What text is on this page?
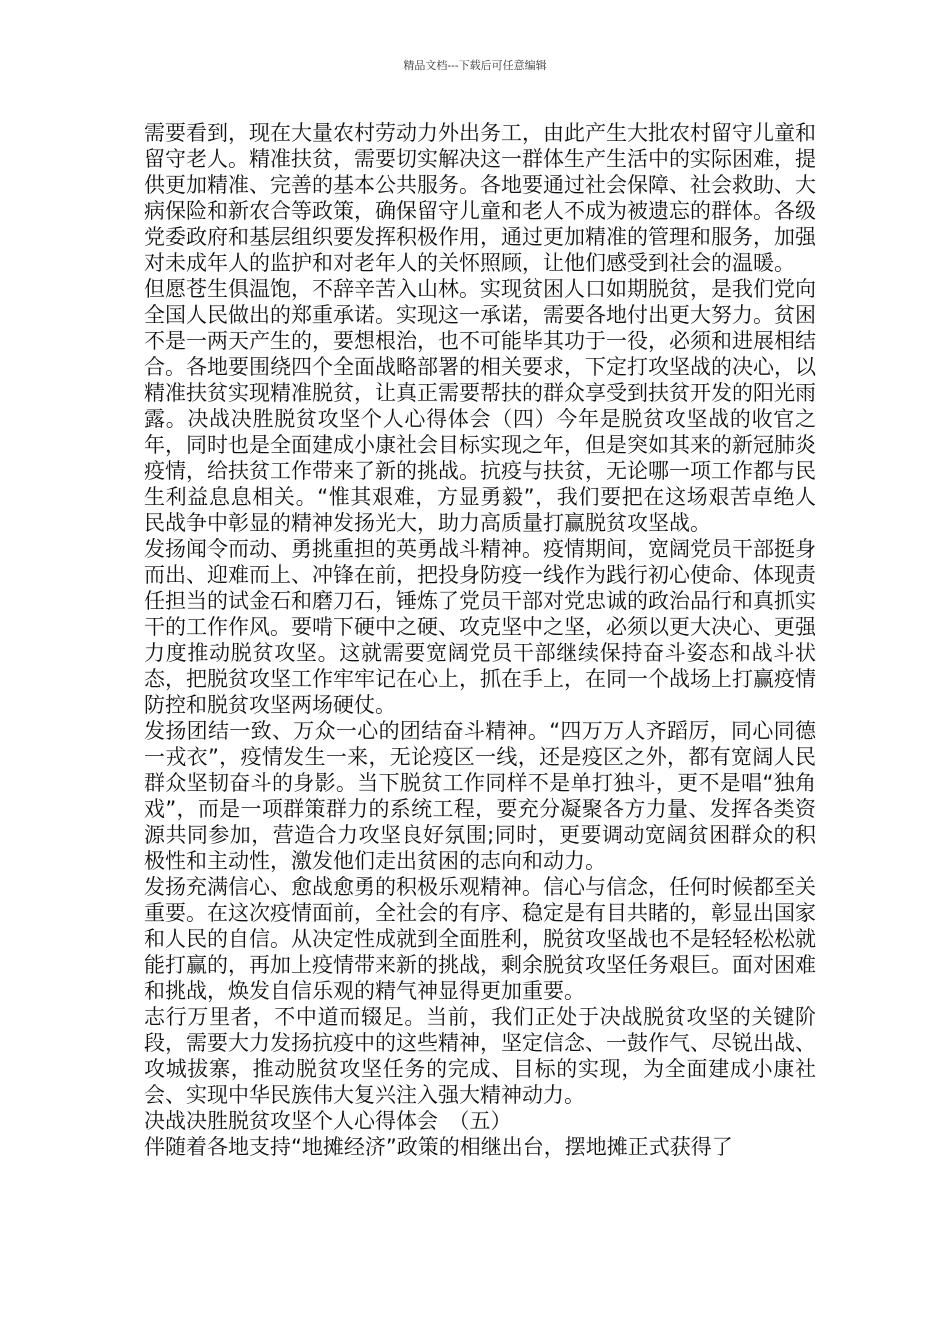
精品文档---下载后可任意编辑

需要看到，现在大量农村劳动力外出务工，由此产生大批农村留守儿童和留守老人。精准扶贫，需要切实解决这一群体生产生活中的实际困难，提供更加精准、完善的基本公共服务。各地要通过社会保障、社会救助、大病保险和新农合等政策，确保留守儿童和老人不成为被遗忘的群体。各级党委政府和基层组织要发挥积极作用，通过更加精准的管理和服务，加强对未成年人的监护和对老年人的关怀照顾，让他们感受到社会的温暖。

但愿苍生俱温饱，不辞辛苦入山林。实现贫困人口如期脱贫，是我们党向全国人民做出的郑重承诺。实现这一承诺，需要各地付出更大努力。贫困不是一两天产生的，要想根治，也不可能毕其功于一役，必须和进展相结合。各地要围绕四个全面战略部署的相关要求，下定打攻坚战的决心，以精准扶贫实现精准脱贫，让真正需要帮扶的群众享受到扶贫开发的阳光雨露。决战决胜脱贫攻坚个人心得体会（四）今年是脱贫攻坚战的收官之年，同时也是全面建成小康社会目标实现之年，但是突如其来的新冠肺炎疫情，给扶贫工作带来了新的挑战。抗疫与扶贫，无论哪一项工作都与民生利益息息相关。“惟其艰难，方显勇毅”，我们要把在这场艰苦卓绝人民战争中彰显的精神发扬光大，助力高质量打赢脱贫攻坚战。

发扬闻令而动、勇挑重担的英勇战斗精神。疫情期间，宽阔党员干部挺身而出、迎难而上、冲锋在前，把投身防疫一线作为践行初心使命、体现责任担当的试金石和磨刀石，锤炼了党员干部对党忠诚的政治品行和真抓实干的工作作风。要啃下硬中之硬、攻克坚中之坚，必须以更大决心、更强力度推动脱贫攻坚。这就需要宽阔党员干部继续保持奋斗姿态和战斗状态，把脱贫攻坚工作牢牢记在心上，抓在手上，在同一个战场上打赢疫情防控和脱贫攻坚两场硬仗。

发扬团结一致、万众一心的团结奋斗精神。“四万万人齐蹈厉，同心同德一戎衣”，疫情发生一来，无论疫区一线，还是疫区之外，都有宽阔人民群众坚韧奋斗的身影。当下脱贫工作同样不是单打独斗，更不是唱“独角戏”，而是一项群策群力的系统工程，要充分凝聚各方力量、发挥各类资源共同参加，营造合力攻坚良好氛围;同时，更要调动宽阔贫困群众的积极性和主动性，激发他们走出贫困的志向和动力。

发扬充满信心、愈战愈勇的积极乐观精神。信心与信念，任何时候都至关重要。在这次疫情面前，全社会的有序、稳定是有目共睹的，彰显出国家和人民的自信。从决定性成就到全面胜利，脱贫攻坚战也不是轻轻松松就能打赢的，再加上疫情带来新的挑战，剩余脱贫攻坚任务艰巨。面对困难和挑战，焕发自信乐观的精气神显得更加重要。

志行万里者，不中道而辍足。当前，我们正处于决战脱贫攻坚的关键阶段，需要大力发扬抗疫中的这些精神，坚定信念、一鼓作气、尽锐出战、攻城拔寨，推动脱贫攻坚任务的完成、目标的实现，为全面建成小康社会、实现中华民族伟大复兴注入强大精神动力。

决战决胜脱贫攻坚个人心得体会　（五）

伴随着各地支持“地摊经济”政策的相继出台，摆地摊正式获得了
